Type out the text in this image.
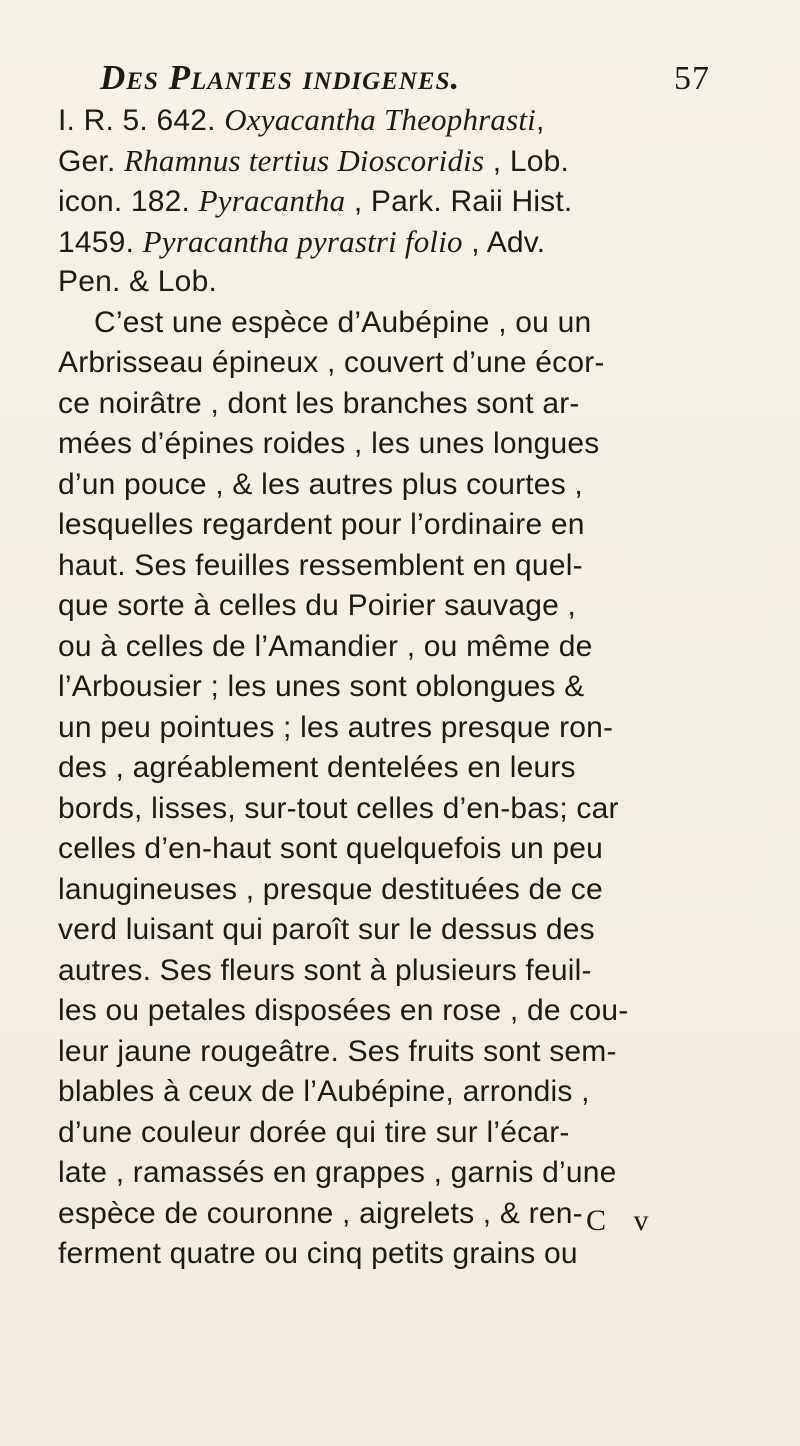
Des Plantes indigenes.	57
I. R. 5. 642. Oxyacantha Theophrasti,
Ger. Rhamnus tertius Dioscoridis , Lob.
icon. 182. Pyracantha , Park. Raii Hist.
1459. Pyracantha pyrastri folio , Adv.
Pen. & Lob.
C’est une espèce d’Aubépine , ou un
Arbrisseau épineux , couvert d’une écor-
ce noirâtre , dont les branches sont ar-
mées d’épines roides , les unes longues
d’un pouce , & les autres plus courtes ,
lesquelles regardent pour l’ordinaire en
haut. Ses feuilles ressemblent en quel-
que sorte à celles du Poirier sauvage ,
ou à celles de l’Amandier , ou même de
l’Arbousier ; les unes sont oblongues &
un peu pointues ; les autres presque ron-
des , agréablement dentelées en leurs
bords, lisses, sur-tout celles d’en-bas; car
celles d’en-haut sont quelquefois un peu
lanugineuses , presque destituées de ce
verd luisant qui paroît sur le dessus des
autres. Ses fleurs sont à plusieurs feuil-
les ou petales disposées en rose , de cou-
leur jaune rougeâtre. Ses fruits sont sem-
blables à ceux de l’Aubépine, arrondis ,
d’une couleur dorée qui tire sur l’écar-
late , ramassés en grappes , garnis d’une
espèce de couronne , aigrelets , & ren-
ferment quatre ou cinq petits grains ou
C v
